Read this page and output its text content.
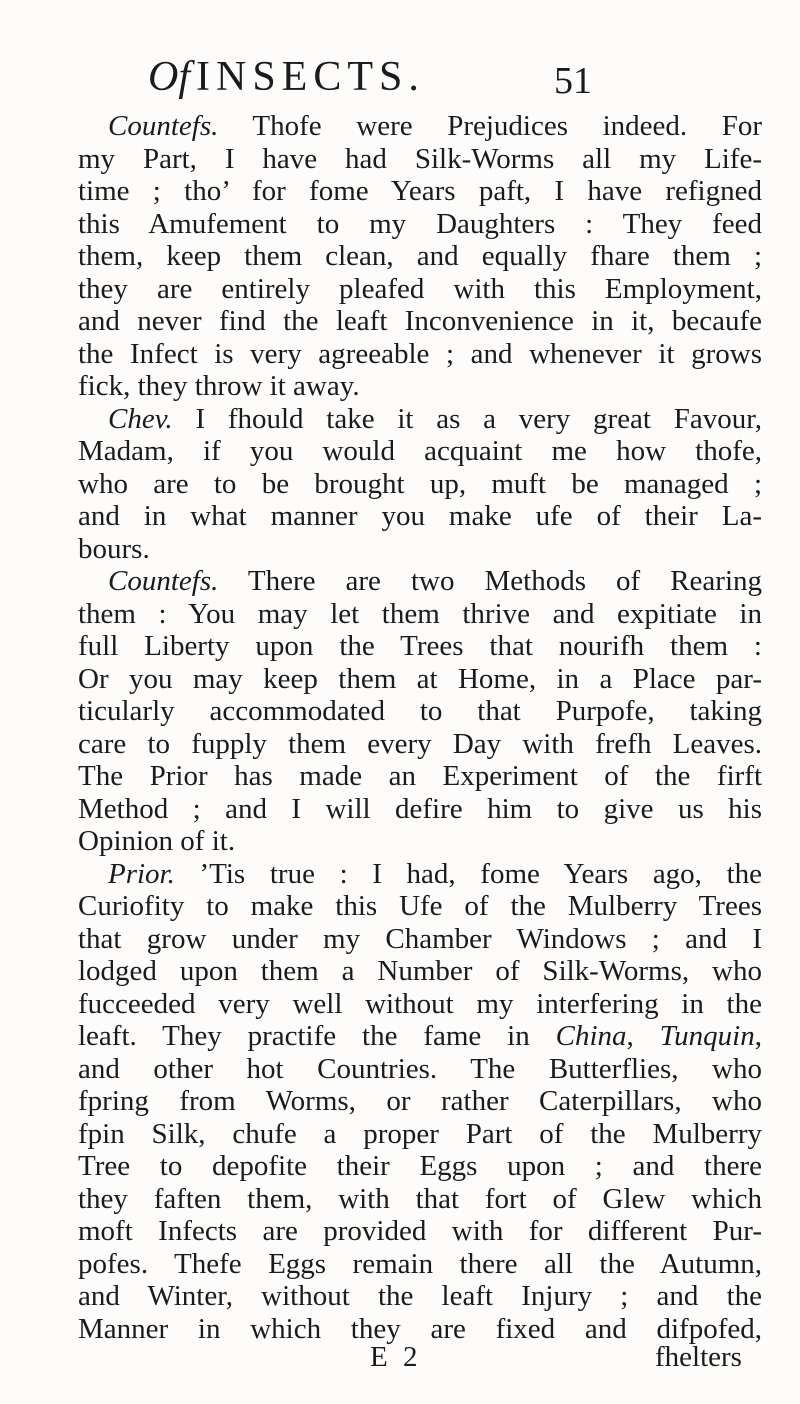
Of INSECTS.	51
Countefs. Thofe were Prejudices indeed. For
my Part, I have had Silk-Worms all my Life-
time ; tho’ for fome Years paft, I have refigned
this Amufement to my Daughters : They feed
them, keep them clean, and equally fhare them ;
they are entirely pleafed with this Employment,
and never find the leaft Inconvenience in it, becaufe
the Infect is very agreeable ; and whenever it grows
fick, they throw it away.
Chev. I fhould take it as a very great Favour,
Madam, if you would acquaint me how thofe,
who are to be brought up, muft be managed ;
and in what manner you make ufe of their La-
bours.
Countefs. There are two Methods of Rearing
them : You may let them thrive and expitiate in
full Liberty upon the Trees that nourifh them :
Or you may keep them at Home, in a Place par-
ticularly accommodated to that Purpofe, taking
care to fupply them every Day with frefh Leaves.
The Prior has made an Experiment of the firft
Method ; and I will defire him to give us his
Opinion of it.
Prior. ’Tis true : I had, fome Years ago, the
Curiofity to make this Ufe of the Mulberry Trees
that grow under my Chamber Windows ; and I
lodged upon them a Number of Silk-Worms, who
fucceeded very well without my interfering in the
leaft. They practife the fame in China, Tunquin,
and other hot Countries. The Butterflies, who
fpring from Worms, or rather Caterpillars, who
fpin Silk, chufe a proper Part of the Mulberry
Tree to depofite their Eggs upon ; and there
they faften them, with that fort of Glew which
moft Infects are provided with for different Pur-
pofes. Thefe Eggs remain there all the Autumn,
and Winter, without the leaft Injury ; and the
Manner in which they are fixed and difpofed,
E 2	fhelters
